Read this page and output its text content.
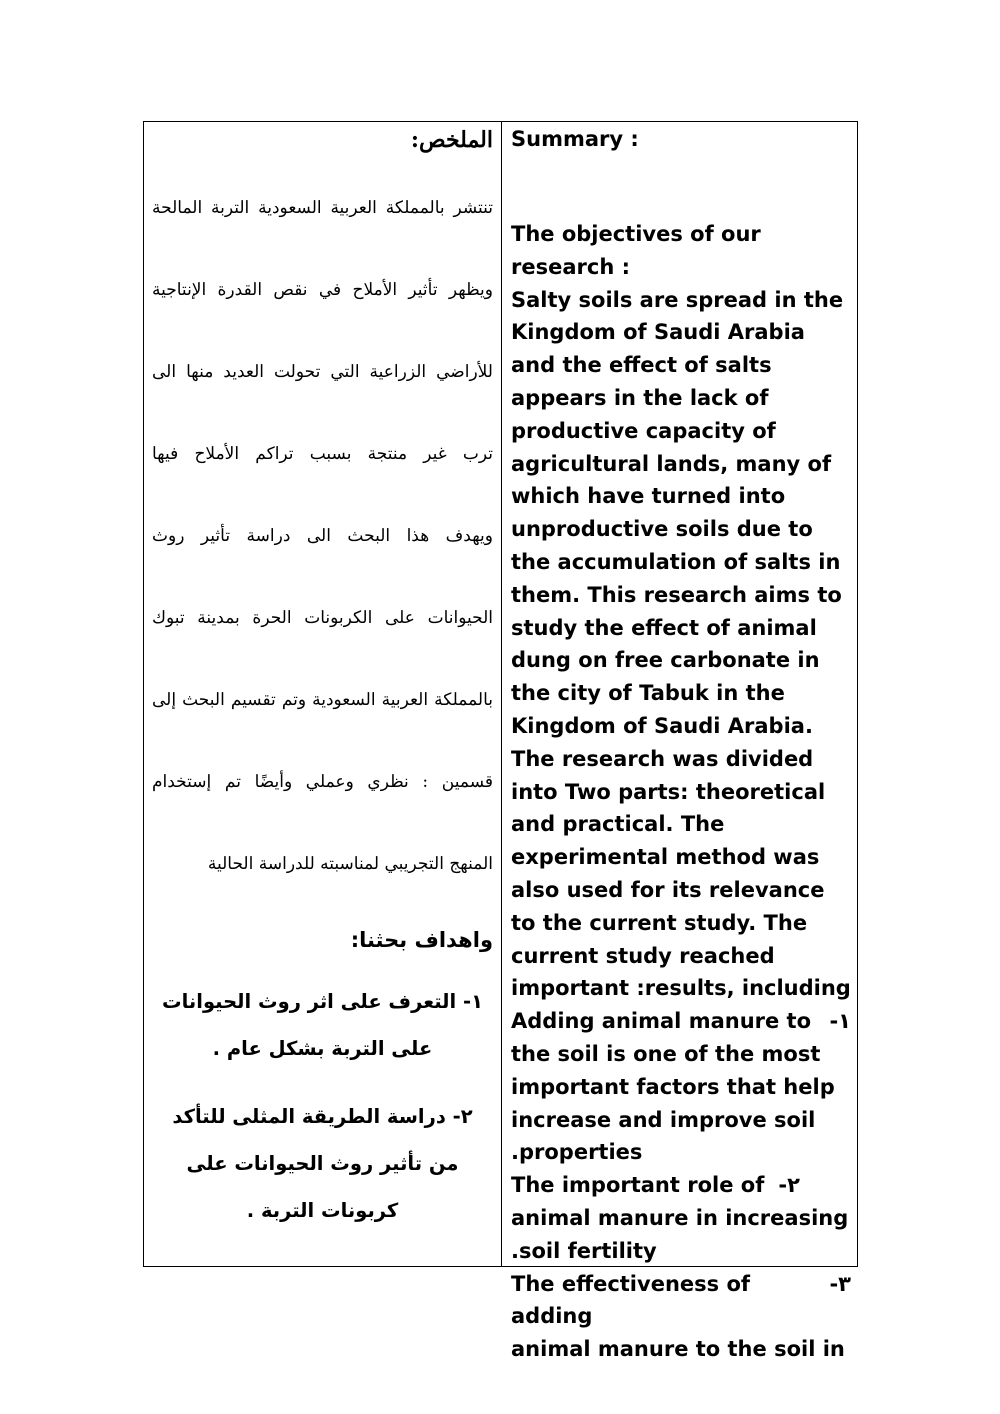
الملخص:
تنتشر بالمملكة العربية السعودية التربة المالحة
ويظهر تأثير الأملاح في نقص القدرة الإنتاجية
للأراضي الزراعية التي تحولت العديد منها الى
ترب غير منتجة بسبب تراكم الأملاح فيها
ويهدف هذا البحث الى دراسة تأثير روث
الحيوانات على الكربونات الحرة بمدينة تبوك
بالمملكة العربية السعودية وتم تقسيم البحث إلى
قسمين : نظري وعملي وأيضًا تم إستخدام
المنهج التجريبي لمناسبته للدراسة الحالية
واهداف بحثنا:

١- التعرف على اثر روث الحيوانات على التربة بشكل عام .

٢- دراسة الطريقة المثلى للتأكد من تأثير روث الحيوانات على كربونات التربة .

Summary :

The objectives of our research :

Salty soils are spread in the Kingdom of Saudi Arabia and the effect of salts appears in the lack of productive capacity of agricultural lands, many of which have turned into unproductive soils due to the accumulation of salts in them. This research aims to study the effect of animal dung on free carbonate in the city of Tabuk in the Kingdom of Saudi Arabia. The research was divided into Two parts: theoretical and practical. The experimental method was also used for its relevance to the current study. The current study reached important :results, including

Adding animal manure to -١

the soil is one of the most important factors that help increase and improve soil .properties

The important role of -٢

animal manure in increasing .soil fertility

The effectiveness of adding
-٣

animal manure to the soil in
